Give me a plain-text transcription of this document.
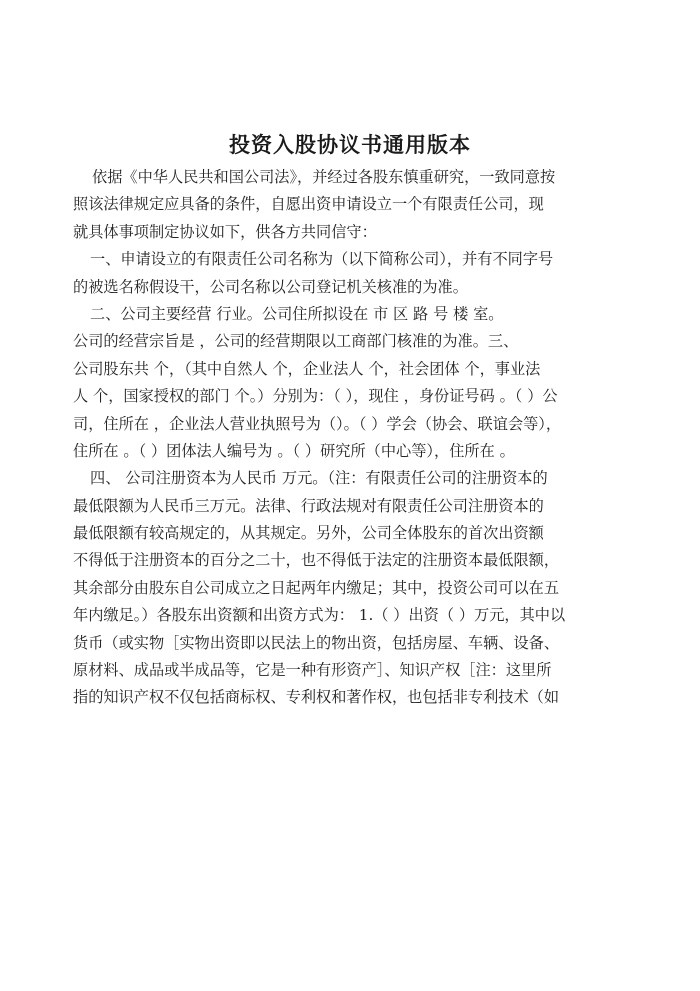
投资入股协议书通用版本
依据《中华人民共和国公司法》，并经过各股东慎重研究，一致同意按
照该法律规定应具备的条件，自愿出资申请设立一个有限责任公司，现
就具体事项制定协议如下，供各方共同信守：
一、申请设立的有限责任公司名称为（以下简称公司），并有不同字号
的被选名称假设干，公司名称以公司登记机关核准的为准。
二、公司主要经营 行业。公司住所拟设在 市 区 路 号 楼 室。
公司的经营宗旨是 ，公司的经营期限以工商部门核准的为准。三、
公司股东共 个，（其中自然人 个，企业法人 个，社会团体 个，事业法
人 个，国家授权的部门 个。）分别为：（ ），现住 ，身份证号码 。（ ）公
司，住所在 ，企业法人营业执照号为（）。（ ）学会（协会、联谊会等），
住所在 。（ ）团体法人编号为 。（ ）研究所（中心等），住所在 。
四、 公司注册资本为人民币 万元。（注：有限责任公司的注册资本的
最低限额为人民币三万元。法律、行政法规对有限责任公司注册资本的
最低限额有较高规定的，从其规定。另外，公司全体股东的首次出资额
不得低于注册资本的百分之二十，也不得低于法定的注册资本最低限额，
其余部分由股东自公司成立之日起两年内缴足；其中，投资公司可以在五
年内缴足。）各股东出资额和出资方式为： 1.（ ）出资（ ）万元，其中以
货币（或实物［实物出资即以民法上的物出资，包括房屋、车辆、设备、
原材料、成品或半成品等，它是一种有形资产］、知识产权［注：这里所
指的知识产权不仅包括商标权、专利权和著作权，也包括非专利技术（如
